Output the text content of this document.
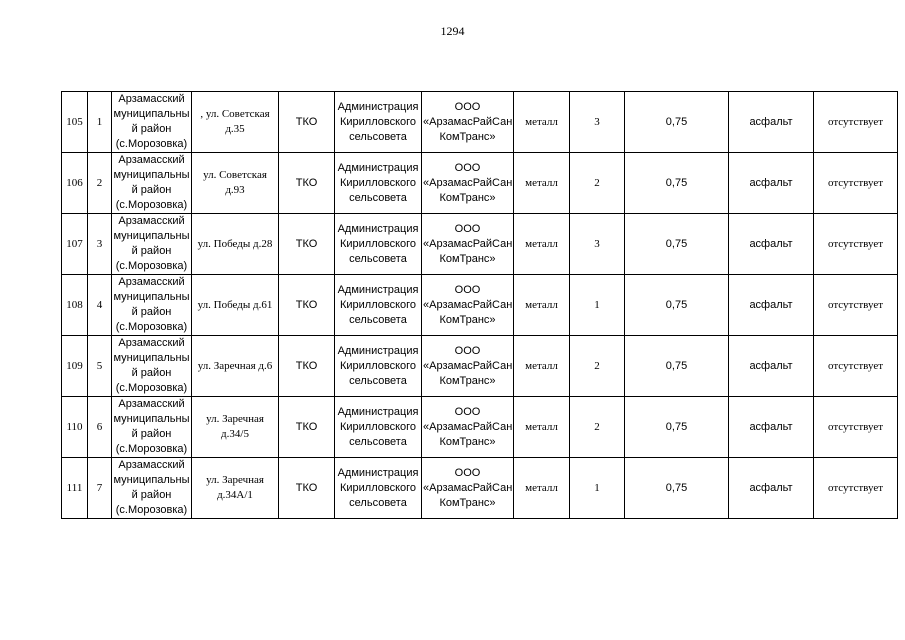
1294
105	1	Арзамасский
муниципальны
й район
(с.Морозовка)	, ул. Советская
д.35	ТКО	Администрация
Кирилловского
сельсовета	ООО
«АрзамасРайСан
КомТранс»	металл	3	0,75	асфальт	отсутствует
106	2	Арзамасский
муниципальны
й район
(с.Морозовка)	ул. Советская
д.93	ТКО	Администрация
Кирилловского
сельсовета	ООО
«АрзамасРайСан
КомТранс»	металл	2	0,75	асфальт	отсутствует
107	3	Арзамасский
муниципальны
й район
(с.Морозовка)	ул. Победы д.28	ТКО	Администрация
Кирилловского
сельсовета	ООО
«АрзамасРайСан
КомТранс»	металл	3	0,75	асфальт	отсутствует
108	4	Арзамасский
муниципальны
й район
(с.Морозовка)	ул. Победы д.61	ТКО	Администрация
Кирилловского
сельсовета	ООО
«АрзамасРайСан
КомТранс»	металл	1	0,75	асфальт	отсутствует
109	5	Арзамасский
муниципальны
й район
(с.Морозовка)	ул. Заречная д.6	ТКО	Администрация
Кирилловского
сельсовета	ООО
«АрзамасРайСан
КомТранс»	металл	2	0,75	асфальт	отсутствует
110	6	Арзамасский
муниципальны
й район
(с.Морозовка)	ул. Заречная
д.34/5	ТКО	Администрация
Кирилловского
сельсовета	ООО
«АрзамасРайСан
КомТранс»	металл	2	0,75	асфальт	отсутствует
111	7	Арзамасский
муниципальны
й район
(с.Морозовка)	ул. Заречная
д.34А/1	ТКО	Администрация
Кирилловского
сельсовета	ООО
«АрзамасРайСан
КомТранс»	металл	1	0,75	асфальт	отсутствует
